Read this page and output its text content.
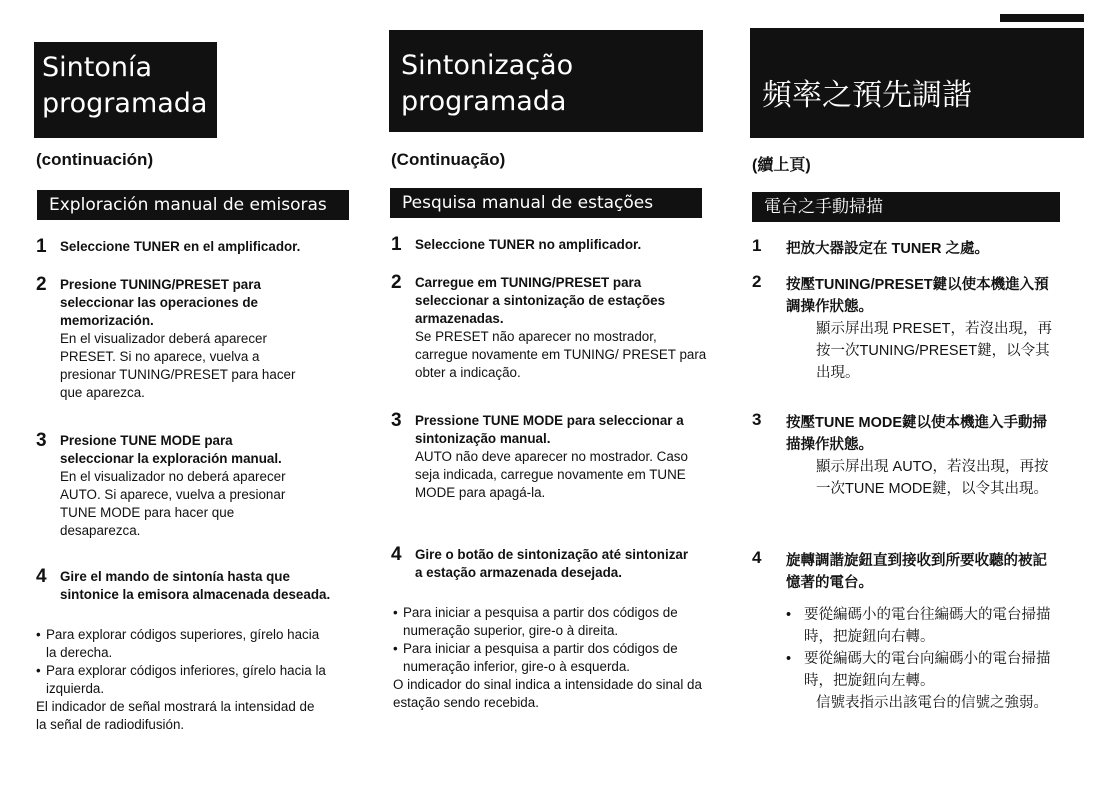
Sintonía
programada
(continuación)
Exploración manual de emisoras
1 Seleccione TUNER en el amplificador.

2 Presione TUNING/PRESET para seleccionar las operaciones de memorización.

En el visualizador deberá aparecer PRESET. Si no aparece, vuelva a presionar TUNING/PRESET para hacer que aparezca.

3 Presione TUNE MODE para seleccionar la exploración manual.

En el visualizador no deberá aparecer AUTO. Si aparece, vuelva a presionar TUNE MODE para hacer que desaparezca.

4 Gire el mando de sintonía hasta que sintonice la emisora almacenada deseada.

• Para explorar códigos superiores, gírelo hacia la derecha.
• Para explorar códigos inferiores, gírelo hacia la izquierda.
El indicador de señal mostrará la intensidad de la señal de radiodifusión.
Sintonização
programada
(Continuação)
Pesquisa manual de estações
1 Seleccione TUNER no amplificador.

2 Carregue em TUNING/PRESET para seleccionar a sintonização de estações armazenadas.

Se PRESET não aparecer no mostrador, carregue novamente em TUNING/ PRESET para obter a indicação.

3 Pressione TUNE MODE para seleccionar a sintonização manual.

AUTO não deve aparecer no mostrador. Caso seja indicada, carregue novamente em TUNE MODE para apagá-la.

4 Gire o botão de sintonização até sintonizar a estação armazenada desejada.

• Para iniciar a pesquisa a partir dos códigos de numeração superior, gire-o à direita.
• Para iniciar a pesquisa a partir dos códigos de numeração inferior, gire-o à esquerda.
O indicador do sinal indica a intensidade do sinal da estação sendo recebida.
頻率之預先調諧
(續上頁)
電台之手動掃描
1 把放大器設定在 TUNER 之處。

2 按壓TUNING/PRESET鍵以使本機進入預調操作狀態。

顯示屏出現 PRESET，若沒出現，再按一次TUNING/PRESET鍵，以令其出現。

3 按壓TUNE MODE鍵以使本機進入手動掃描操作狀態。

顯示屏出現 AUTO，若沒出現，再按一次TUNE MODE鍵，以令其出現。

4 旋轉調諧旋鈕直到接收到所要收聽的被記憶著的電台。

• 要從編碼小的電台往編碼大的電台掃描時，把旋鈕向右轉。
• 要從編碼大的電台向編碼小的電台掃描時，把旋鈕向左轉。
信號表指示出該電台的信號之強弱。
